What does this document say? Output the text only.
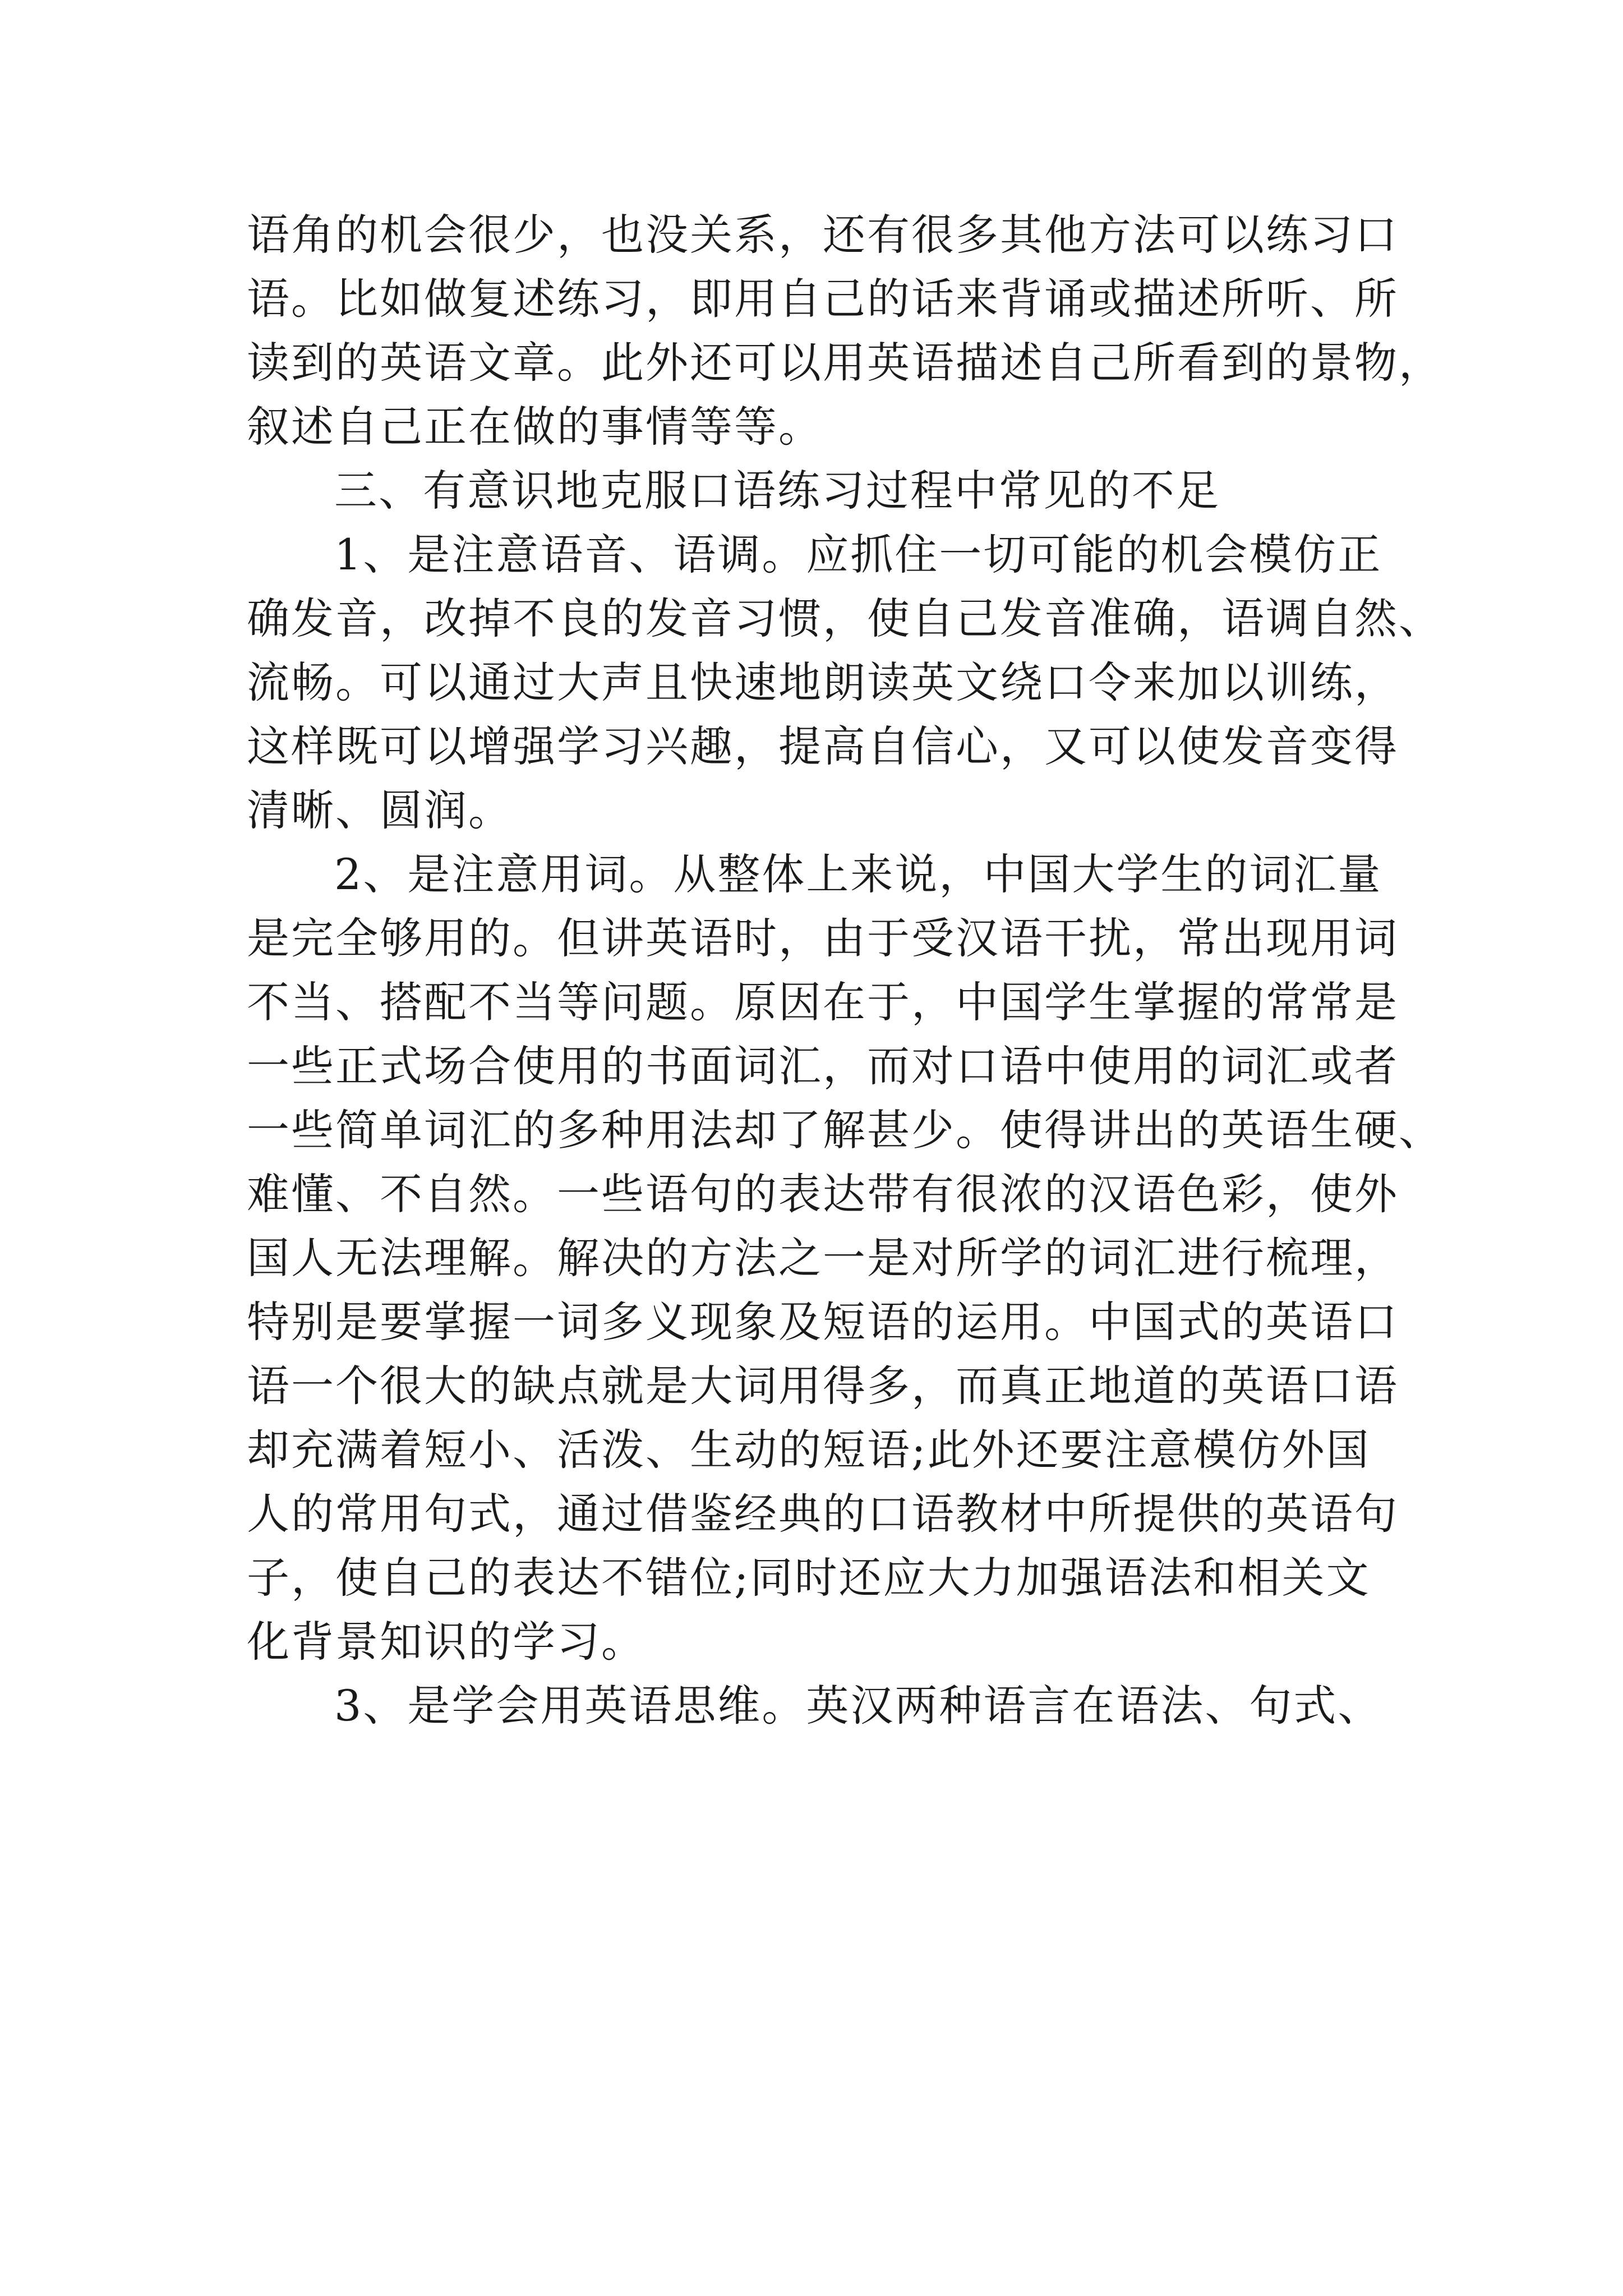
语角的机会很少，也没关系，还有很多其他方法可以练习口
语。比如做复述练习，即用自己的话来背诵或描述所听、所
读到的英语文章。此外还可以用英语描述自己所看到的景物，
叙述自己正在做的事情等等。
三、有意识地克服口语练习过程中常见的不足
1、是注意语音、语调。应抓住一切可能的机会模仿正
确发音，改掉不良的发音习惯，使自己发音准确，语调自然、
流畅。可以通过大声且快速地朗读英文绕口令来加以训练，
这样既可以增强学习兴趣，提高自信心，又可以使发音变得
清晰、圆润。
2、是注意用词。从整体上来说，中国大学生的词汇量
是完全够用的。但讲英语时，由于受汉语干扰，常出现用词
不当、搭配不当等问题。原因在于，中国学生掌握的常常是
一些正式场合使用的书面词汇，而对口语中使用的词汇或者
一些简单词汇的多种用法却了解甚少。使得讲出的英语生硬、
难懂、不自然。一些语句的表达带有很浓的汉语色彩，使外
国人无法理解。解决的方法之一是对所学的词汇进行梳理，
特别是要掌握一词多义现象及短语的运用。中国式的英语口
语一个很大的缺点就是大词用得多，而真正地道的英语口语
却充满着短小、活泼、生动的短语;此外还要注意模仿外国
人的常用句式，通过借鉴经典的口语教材中所提供的英语句
子，使自己的表达不错位;同时还应大力加强语法和相关文
化背景知识的学习。
3、是学会用英语思维。英汉两种语言在语法、句式、
